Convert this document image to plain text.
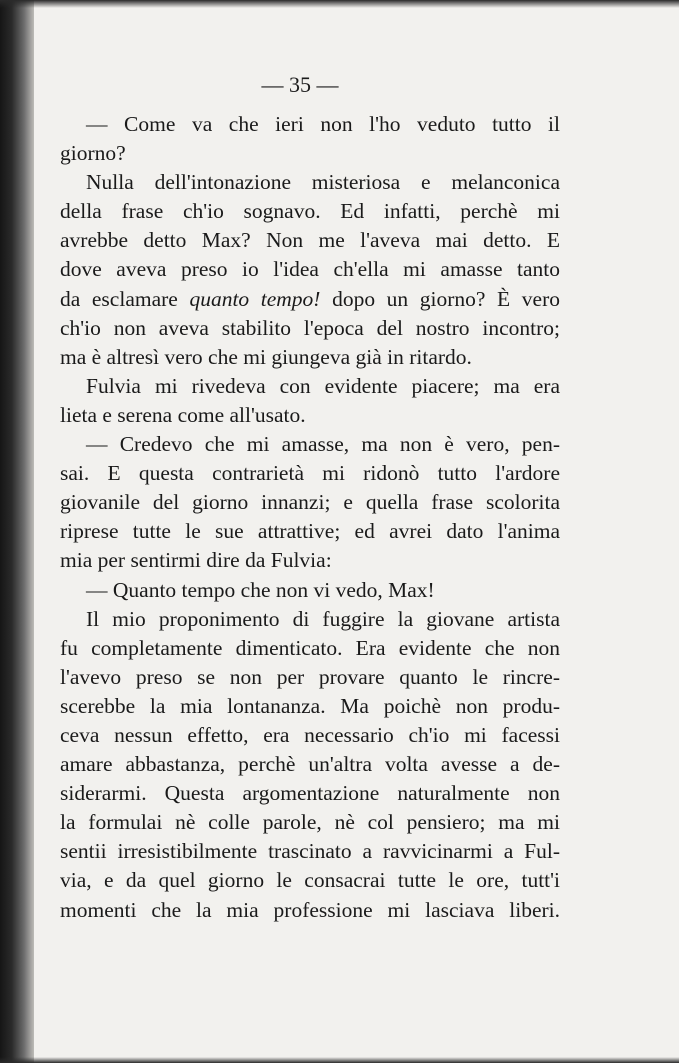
— 35 —
— Come va che ieri non l'ho veduto tutto il
giorno?
Nulla dell'intonazione misteriosa e melanconica
della frase ch'io sognavo. Ed infatti, perchè mi
avrebbe detto Max? Non me l'aveva mai detto. E
dove aveva preso io l'idea ch'ella mi amasse tanto
da esclamare quanto tempo! dopo un giorno? È vero
ch'io non aveva stabilito l'epoca del nostro incontro;
ma è altresì vero che mi giungeva già in ritardo.
Fulvia mi rivedeva con evidente piacere; ma era
lieta e serena come all'usato.
— Credevo che mi amasse, ma non è vero, pen-
sai. E questa contrarietà mi ridonò tutto l'ardore
giovanile del giorno innanzi; e quella frase scolorita
riprese tutte le sue attrattive; ed avrei dato l'anima
mia per sentirmi dire da Fulvia:
— Quanto tempo che non vi vedo, Max!
Il mio proponimento di fuggire la giovane artista
fu completamente dimenticato. Era evidente che non
l'avevo preso se non per provare quanto le rincre-
scerebbe la mia lontananza. Ma poichè non produ-
ceva nessun effetto, era necessario ch'io mi facessi
amare abbastanza, perchè un'altra volta avesse a de-
siderarmi. Questa argomentazione naturalmente non
la formulai nè colle parole, nè col pensiero; ma mi
sentii irresistibilmente trascinato a ravvicinarmi a Ful-
via, e da quel giorno le consacrai tutte le ore, tutt'i
momenti che la mia professione mi lasciava liberi.
